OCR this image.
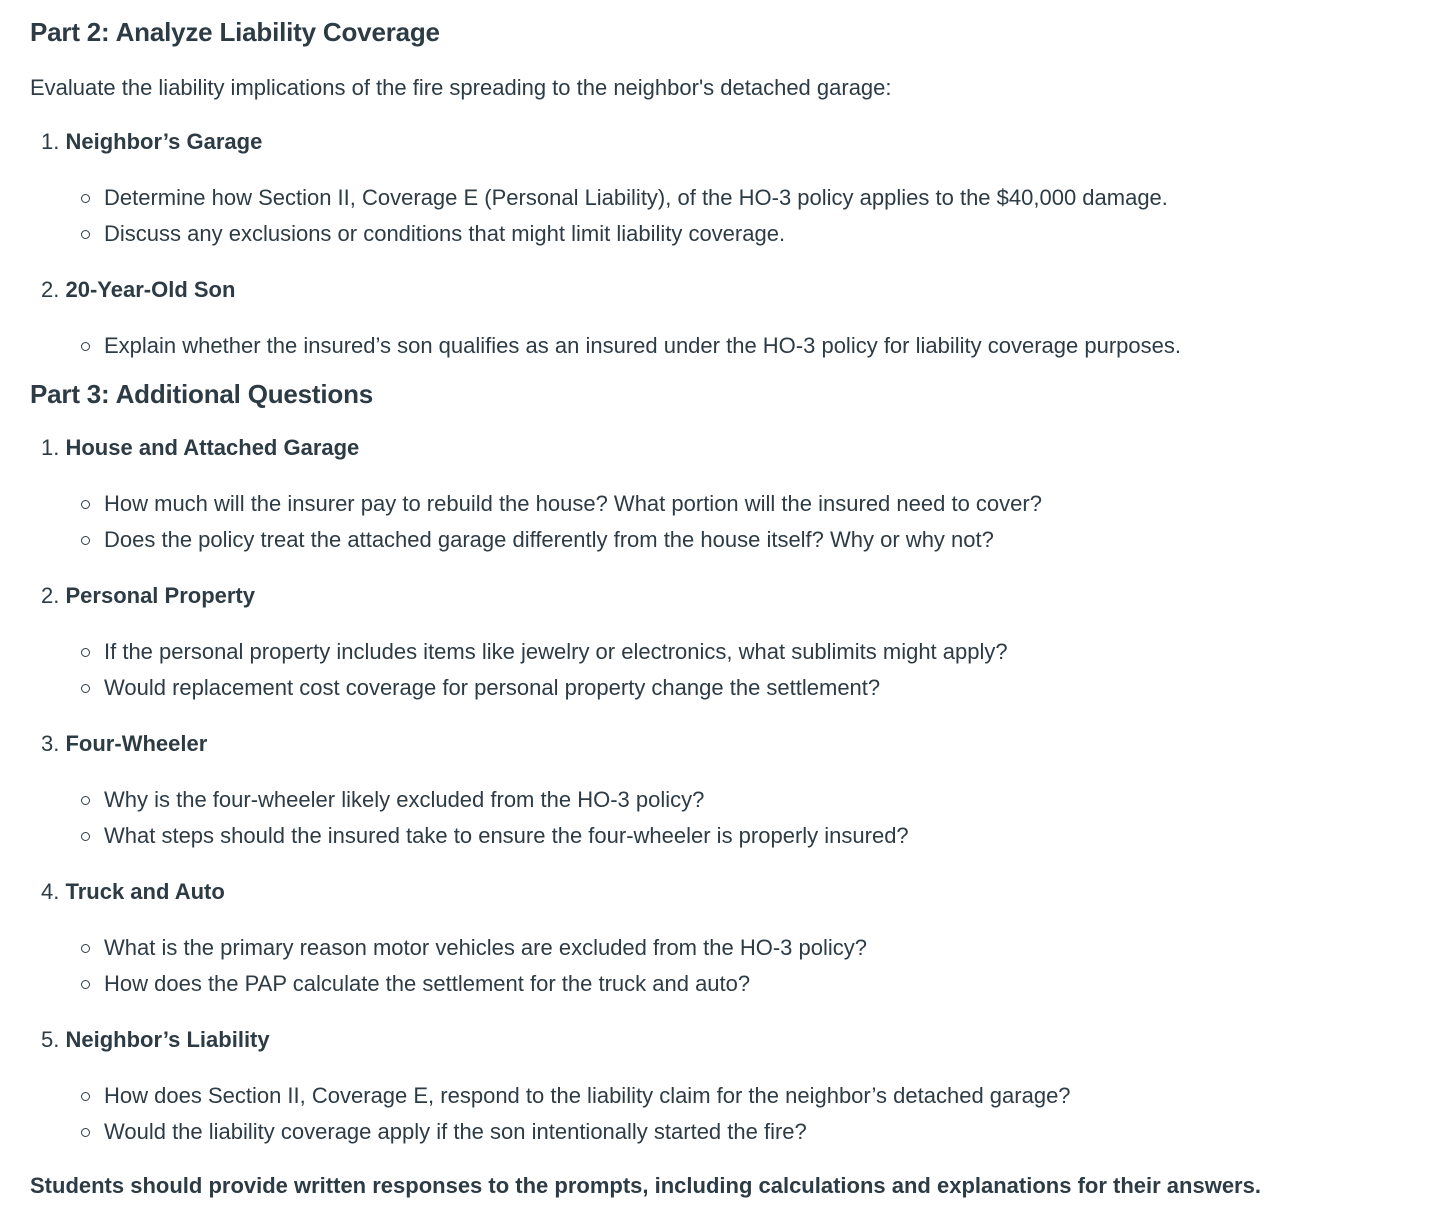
Part 2: Analyze Liability Coverage

Evaluate the liability implications of the fire spreading to the neighbor's detached garage:

1. Neighbor’s Garage
Determine how Section II, Coverage E (Personal Liability), of the HO-3 policy applies to the $40,000 damage.
Discuss any exclusions or conditions that might limit liability coverage.
2. 20-Year-Old Son
Explain whether the insured’s son qualifies as an insured under the HO-3 policy for liability coverage purposes.
Part 3: Additional Questions
1. House and Attached Garage
How much will the insurer pay to rebuild the house? What portion will the insured need to cover?
Does the policy treat the attached garage differently from the house itself? Why or why not?
2. Personal Property
If the personal property includes items like jewelry or electronics, what sublimits might apply?
Would replacement cost coverage for personal property change the settlement?
3. Four-Wheeler
Why is the four-wheeler likely excluded from the HO-3 policy?
What steps should the insured take to ensure the four-wheeler is properly insured?
4. Truck and Auto
What is the primary reason motor vehicles are excluded from the HO-3 policy?
How does the PAP calculate the settlement for the truck and auto?
5. Neighbor’s Liability
How does Section II, Coverage E, respond to the liability claim for the neighbor’s detached garage?
Would the liability coverage apply if the son intentionally started the fire?

Students should provide written responses to the prompts, including calculations and explanations for their answers.
